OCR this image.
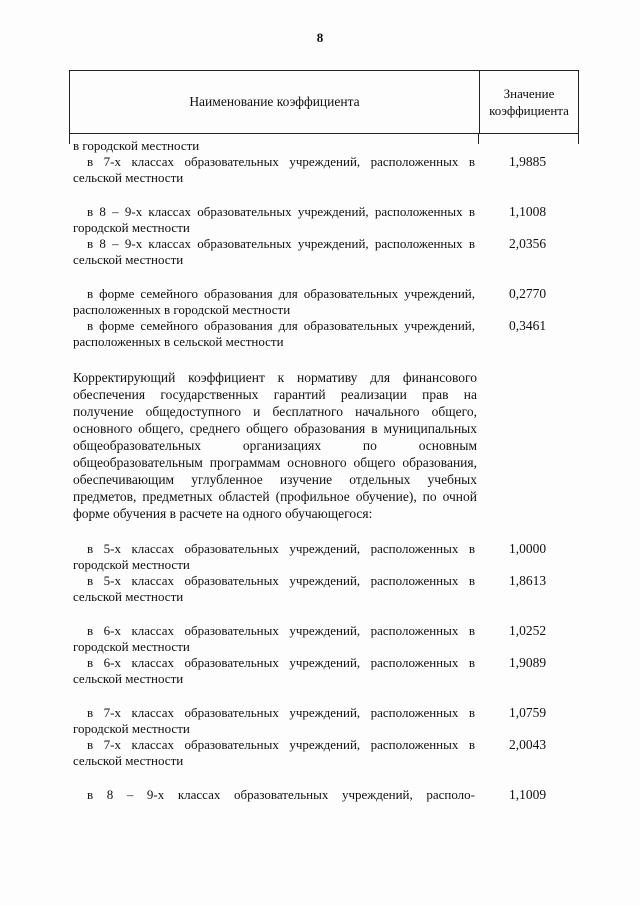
8
Наименование коэффициента
Значение
коэффициента
в городской местности
в 7-х классах образовательных учреждений, расположенных в сельской местности
1,9885
в 8 – 9-х классах образовательных учреждений, расположенных в городской местности
1,1008
в 8 – 9-х классах образовательных учреждений, расположенных в сельской местности
2,0356
в форме семейного образования для образовательных учреждений, расположенных в городской местности
0,2770
в форме семейного образования для образовательных учреждений, расположенных в сельской местности
0,3461
Корректирующий коэффициент к нормативу для финансового обеспечения государственных гарантий реализации прав на получение общедоступного и бесплатного начального общего, основного общего, среднего общего образования в муниципальных общеобразовательных организациях по основным общеобразовательным программам основного общего образования, обеспечивающим углубленное изучение отдельных учебных предметов, предметных областей (профильное обучение), по очной форме обучения в расчете на одного обучающегося:
в 5-х классах образовательных учреждений, расположенных в городской местности
1,0000
в 5-х классах образовательных учреждений, расположенных в сельской местности
1,8613
в 6-х классах образовательных учреждений, расположенных в городской местности
1,0252
в 6-х классах образовательных учреждений, расположенных в сельской местности
1,9089
в 7-х классах образовательных учреждений, расположенных в городской местности
1,0759
в 7-х классах образовательных учреждений, расположенных в сельской местности
2,0043
в 8 – 9-х классах образовательных учреждений, располо-	1,1009
